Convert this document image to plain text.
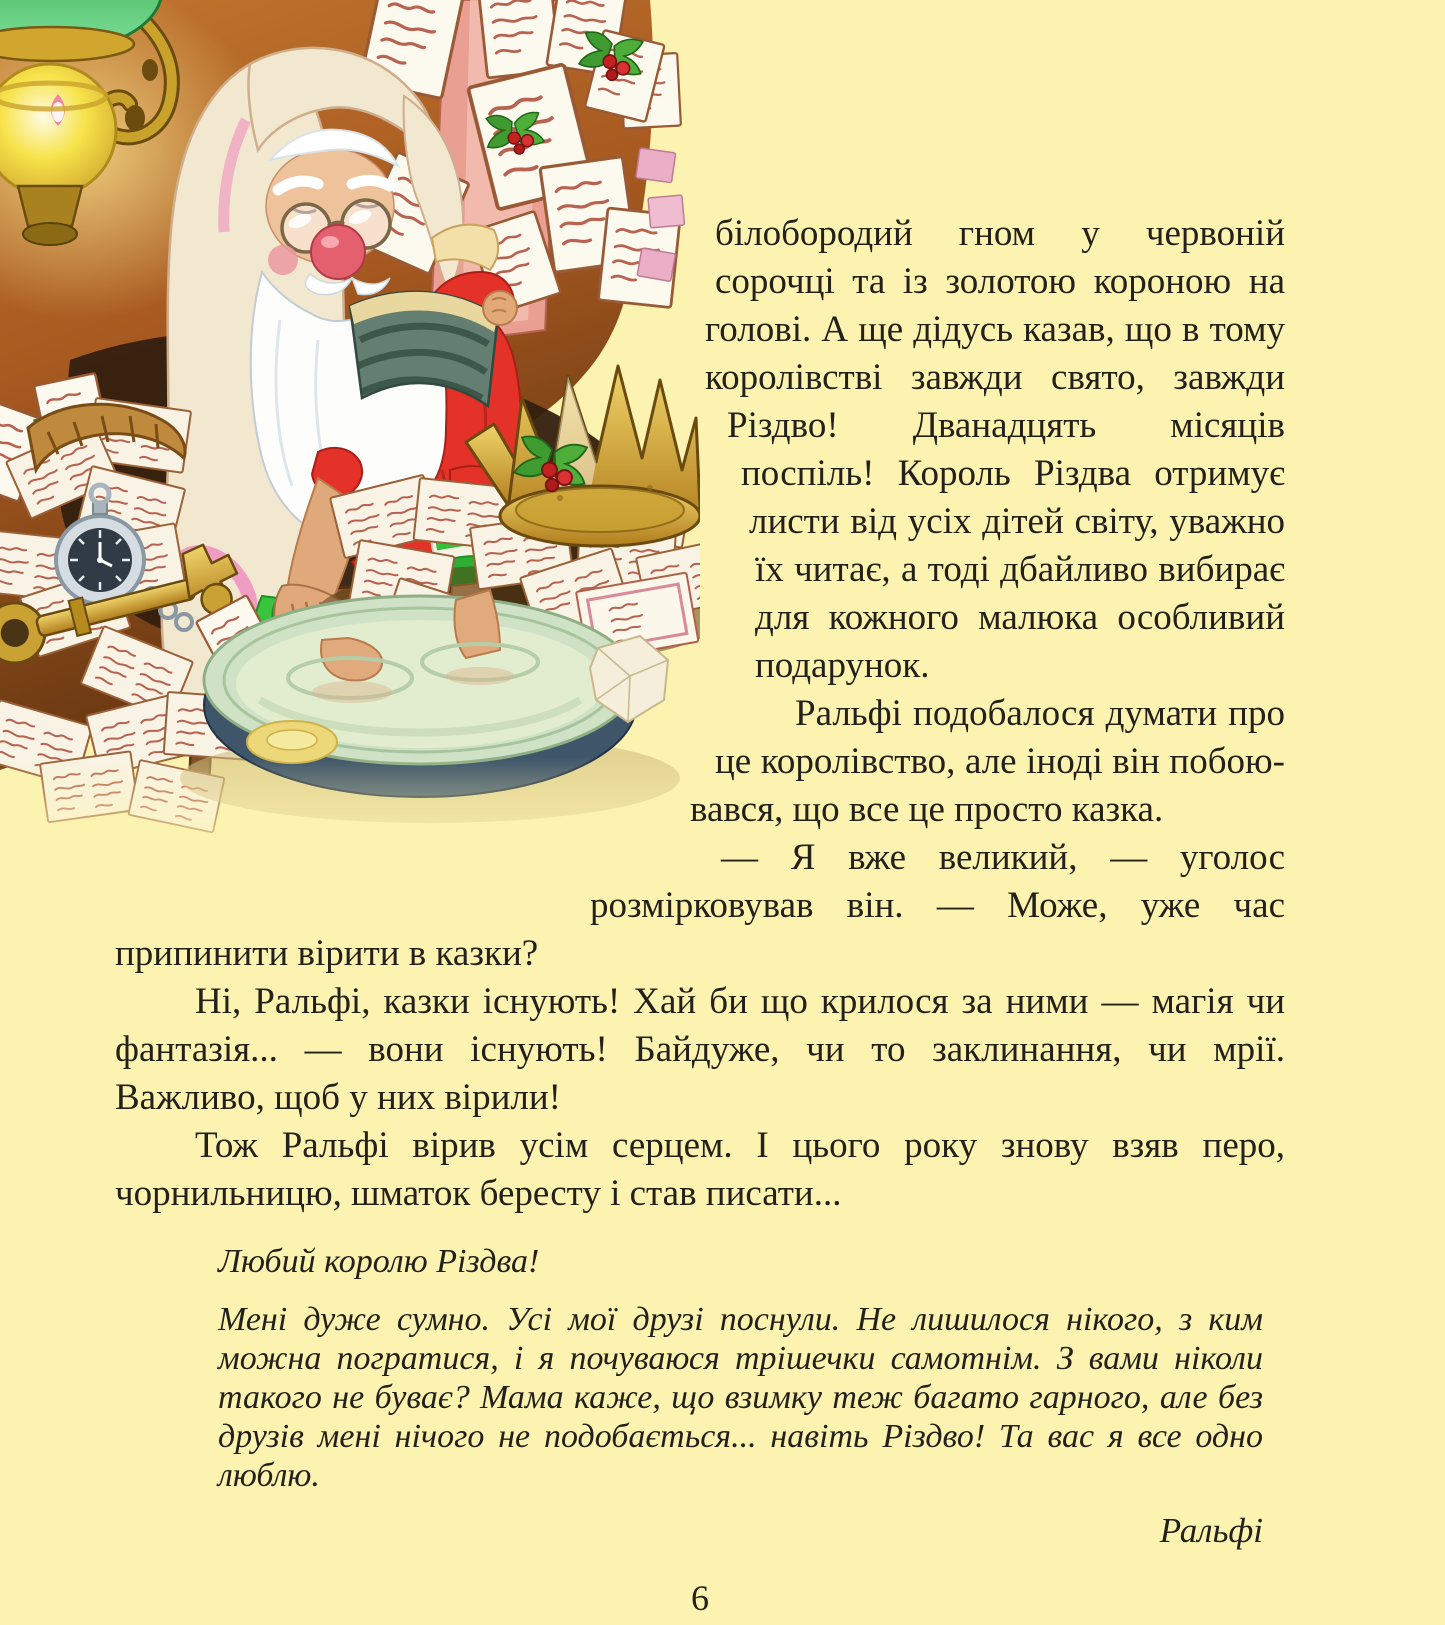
білобородий гном у червоній сорочці та із золотою короною на голові. А ще дідусь казав, що в тому королівстві завжди свято, завжди Різдво! Дванадцять місяців поспіль! Король Різдва отримує листи від усіх дітей світу, уважно їх читає, а тоді дбайливо вибирає для кожного малюка особливий подарунок.

Ральфі подобалося думати про це королівство, але іноді він побоювався, що все це просто казка.

— Я вже великий, — уголос розмірковував він. — Може, уже час припинити вірити в казки?

Ні, Ральфі, казки існують! Хай би що крилося за ними — магія чи фантазія... — вони існують! Байдуже, чи то заклинання, чи мрії. Важливо, щоб у них вірили!

Тож Ральфі вірив усім серцем. І цього року знову взяв перо, чорнильницю, шматок бересту і став писати...

Любий королю Різдва!

Мені дуже сумно. Усі мої друзі поснули. Не лишилося нікого, з ким можна погратися, і я почуваюся трішечки самотнім. З вами ніколи такого не буває? Мама каже, що взимку теж багато гарного, але без друзів мені нічого не подобається... навіть Різдво! Та вас я все одно люблю.

Ральфі

6
